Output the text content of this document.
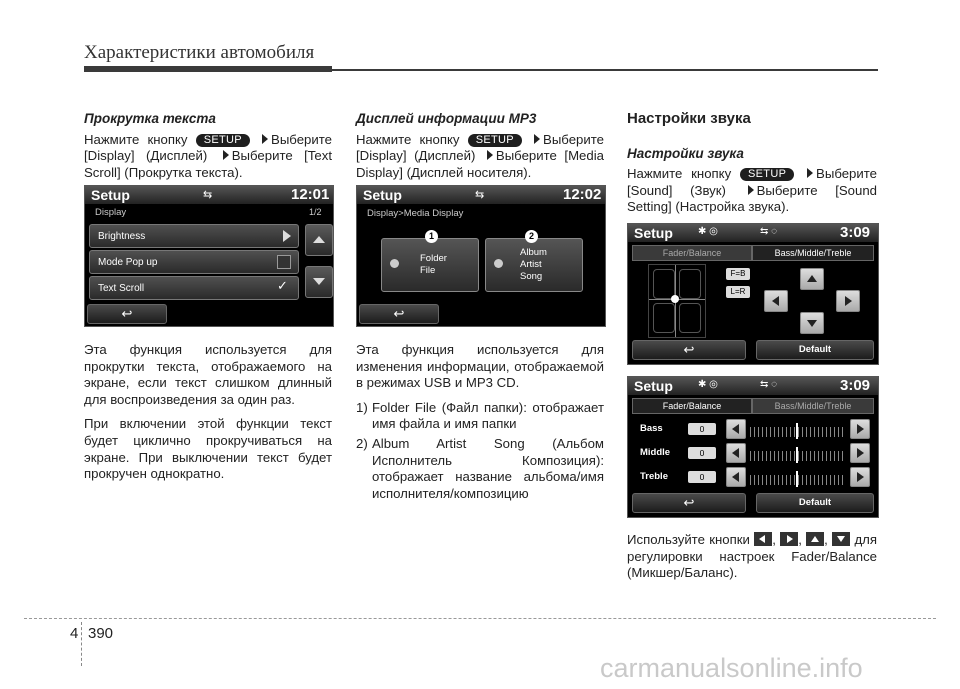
Характеристики автомобиля
Прокрутка текста

Нажмите кнопку SETUP Выберите [Display] (Дисплей) Выберите [Text Scroll] (Прокрутка текста).

Setup	⇆	12:01
Display	1/2
Brightness
Mode Pop up
Text Scroll	✓
↩

Эта функция используется для прокрутки текста, отображаемого на экране, если текст слишком длинный для воспроизведения за один раз.

При включении этой функции текст будет циклично прокручиваться на экране. При выключении текст будет прокручен однократно.

Дисплей информации MP3

Нажмите кнопку SETUP Выберите [Display] (Дисплей) Выберите [Media Display] (Дисплей носителя).

Setup	⇆	12:02
Display>Media Display
Folder
File
Album
Artist
Song
1	2
↩

Эта функция используется для изменения информации, отображаемой в режимах USB и MP3 CD.

1) Folder File (Файл папки): отображает имя файла и имя папки
2) Album Artist Song (Альбом Исполнитель Композиция): отображает название альбома/имя исполнителя/композицию
Настройки звука
Настройки звука

Нажмите кнопку SETUP Выберите [Sound] (Звук) Выберите [Sound Setting] (Настройка звука).

Setup	✱ ◎	⇆ ◌	3:09
Fader/Balance	Bass/Middle/Treble
F=B
L=R
↩	Default
Setup	✱ ◎	⇆ ◌	3:09
Fader/Balance	Bass/Middle/Treble
Bass	0
Middle	0
Treble	0
↩	Default

Используйте кнопки ,
,
,
для регулировки настроек Fader/Balance (Микшер/Баланс).

4 390
carmanualsonline.info
